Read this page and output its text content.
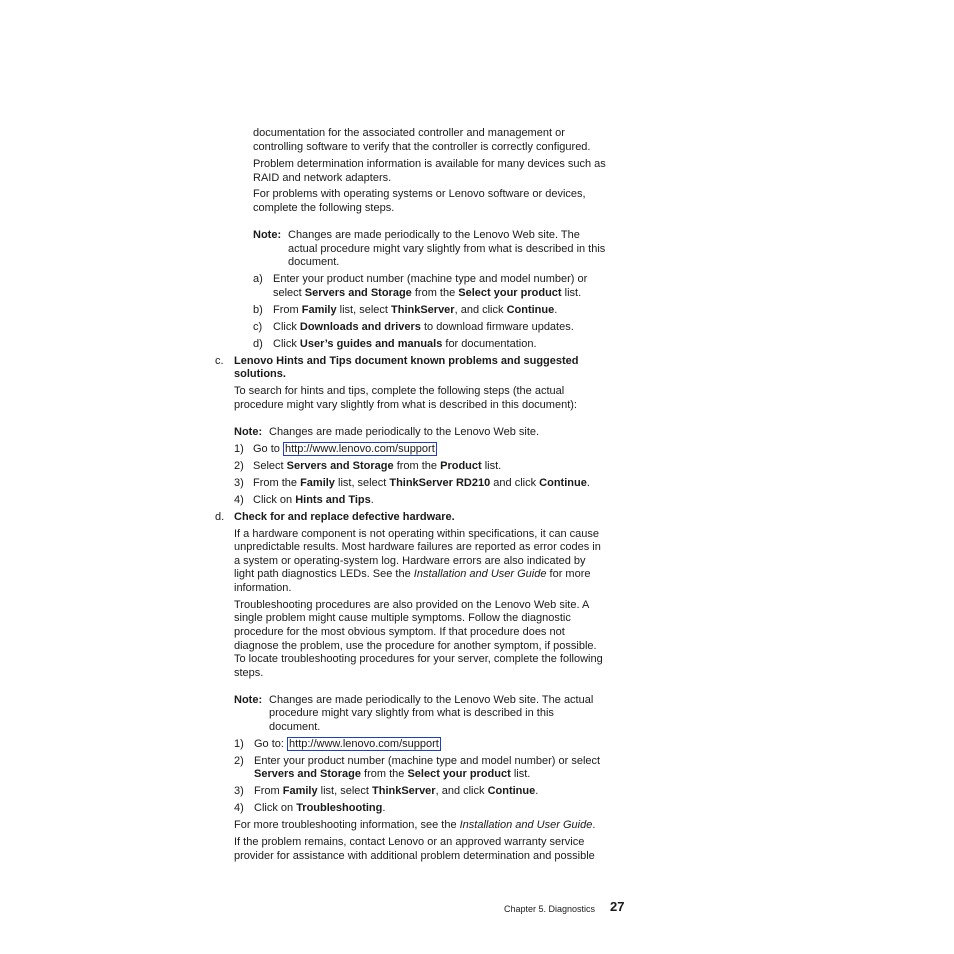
documentation for the associated controller and management or
controlling software to verify that the controller is correctly configured.
Problem determination information is available for many devices such as
RAID and network adapters.
For problems with operating systems or Lenovo software or devices,
complete the following steps.
Note: Changes are made periodically to the Lenovo Web site. The
actual procedure might vary slightly from what is described in this
document.
a) Enter your product number (machine type and model number) or
select Servers and Storage from the Select your product list.
b) From Family list, select ThinkServer, and click Continue.
c) Click Downloads and drivers to download firmware updates.
d) Click User’s guides and manuals for documentation.
c. Lenovo Hints and Tips document known problems and suggested
solutions.
To search for hints and tips, complete the following steps (the actual
procedure might vary slightly from what is described in this document):
Note: Changes are made periodically to the Lenovo Web site.
1) Go to http://www.lenovo.com/support
2) Select Servers and Storage from the Product list.
3) From the Family list, select ThinkServer RD210 and click Continue.
4) Click on Hints and Tips.
d. Check for and replace defective hardware.
If a hardware component is not operating within specifications, it can cause
unpredictable results. Most hardware failures are reported as error codes in
a system or operating-system log. Hardware errors are also indicated by
light path diagnostics LEDs. See the Installation and User Guide for more
information.
Troubleshooting procedures are also provided on the Lenovo Web site. A
single problem might cause multiple symptoms. Follow the diagnostic
procedure for the most obvious symptom. If that procedure does not
diagnose the problem, use the procedure for another symptom, if possible.
To locate troubleshooting procedures for your server, complete the following
steps.
Note: Changes are made periodically to the Lenovo Web site. The actual
procedure might vary slightly from what is described in this
document.
1) Go to: http://www.lenovo.com/support
2) Enter your product number (machine type and model number) or select
Servers and Storage from the Select your product list.
3) From Family list, select ThinkServer, and click Continue.
4) Click on Troubleshooting.
For more troubleshooting information, see the Installation and User Guide.
If the problem remains, contact Lenovo or an approved warranty service
provider for assistance with additional problem determination and possible
Chapter 5. Diagnostics 27
